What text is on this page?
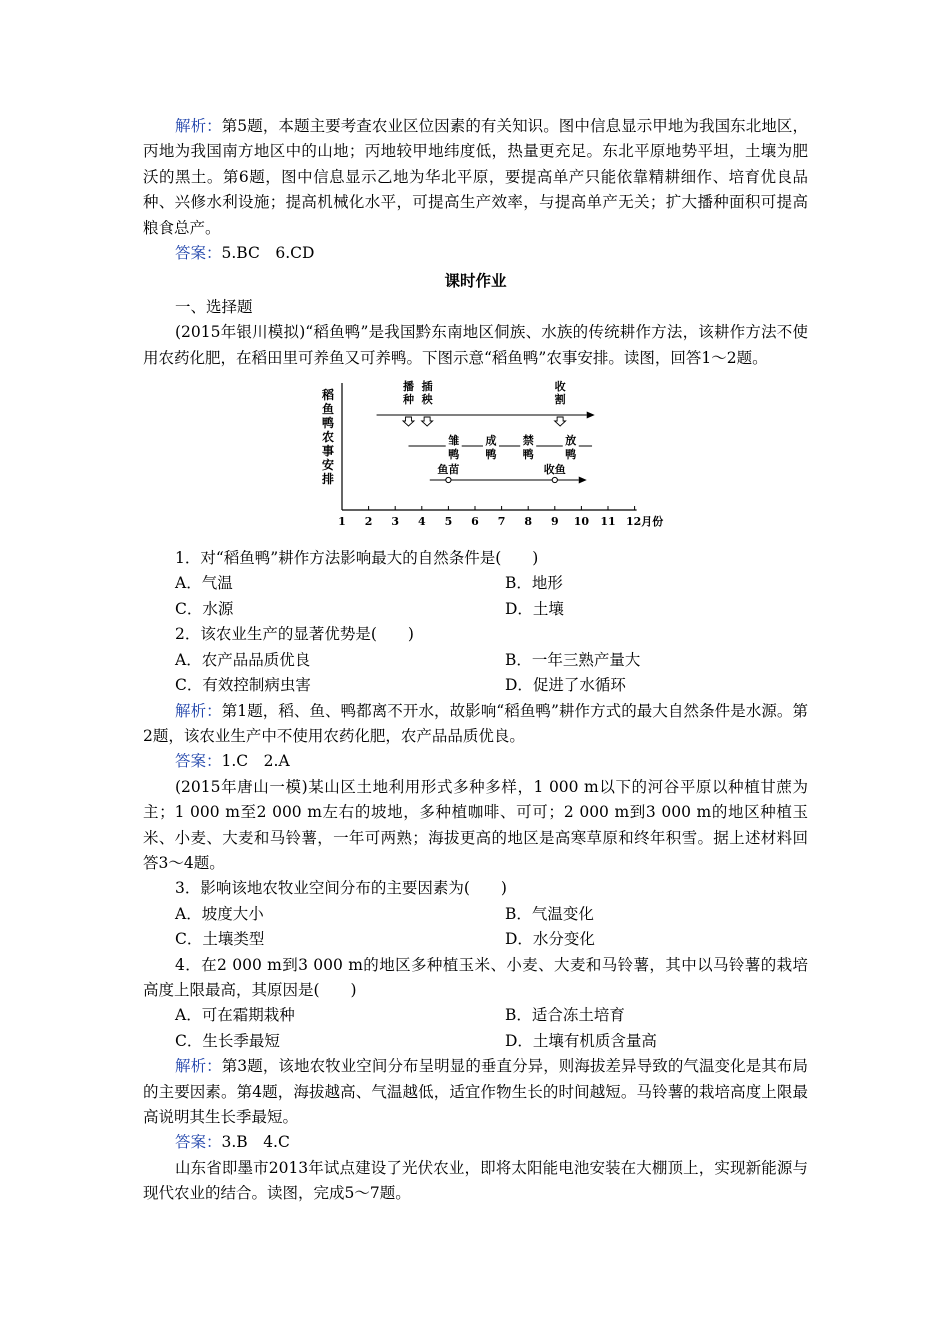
解析：第5题，本题主要考查农业区位因素的有关知识。图中信息显示甲地为我国东北地区，丙地为我国南方地区中的山地；丙地较甲地纬度低，热量更充足。东北平原地势平坦，土壤为肥沃的黑土。第6题，图中信息显示乙地为华北平原，要提高单产只能依靠精耕细作、培育优良品种、兴修水利设施；提高机械化水平，可提高生产效率，与提高单产无关；扩大播种面积可提高粮食总产。

答案：5.BC　6.CD

课时作业

一、选择题

(2015年银川模拟)“稻鱼鸭”是我国黔东南地区侗族、水族的传统耕作方法，该耕作方法不使用农药化肥，在稻田里可养鱼又可养鸭。下图示意“稻鱼鸭”农事安排。读图，回答1～2题。

稻
鱼
鸭
农
事
安
排
1 2 3 4 5 6 7 8 9 10 11 12月份
播
种
插
秧
收
割
雏
鸭
成
鸭
禁
鸭
放
鸭
鱼苗	收鱼

1．对“稻鱼鸭”耕作方法影响最大的自然条件是(　　)

A．气温	B．地形
C．水源	D．土壤

2．该农业生产的显著优势是(　　)

A．农产品品质优良	B．一年三熟产量大
C．有效控制病虫害	D．促进了水循环

解析：第1题，稻、鱼、鸭都离不开水，故影响“稻鱼鸭”耕作方式的最大自然条件是水源。第2题，该农业生产中不使用农药化肥，农产品品质优良。

答案：1.C　2.A

(2015年唐山一模)某山区土地利用形式多种多样，1 000 m以下的河谷平原以种植甘蔗为主；1 000 m至2 000 m左右的坡地，多种植咖啡、可可；2 000 m到3 000 m的地区种植玉米、小麦、大麦和马铃薯，一年可两熟；海拔更高的地区是高寒草原和终年积雪。据上述材料回答3～4题。

3．影响该地农牧业空间分布的主要因素为(　　)

A．坡度大小	B．气温变化
C．土壤类型	D．水分变化

4．在2 000 m到3 000 m的地区多种植玉米、小麦、大麦和马铃薯，其中以马铃薯的栽培高度上限最高，其原因是(　　)

A．可在霜期栽种	B．适合冻土培育
C．生长季最短	D．土壤有机质含量高

解析：第3题，该地农牧业空间分布呈明显的垂直分异，则海拔差异导致的气温变化是其布局的主要因素。第4题，海拔越高、气温越低，适宜作物生长的时间越短。马铃薯的栽培高度上限最高说明其生长季最短。

答案：3.B　4.C

山东省即墨市2013年试点建设了光伏农业，即将太阳能电池安装在大棚顶上，实现新能源与现代农业的结合。读图，完成5～7题。
